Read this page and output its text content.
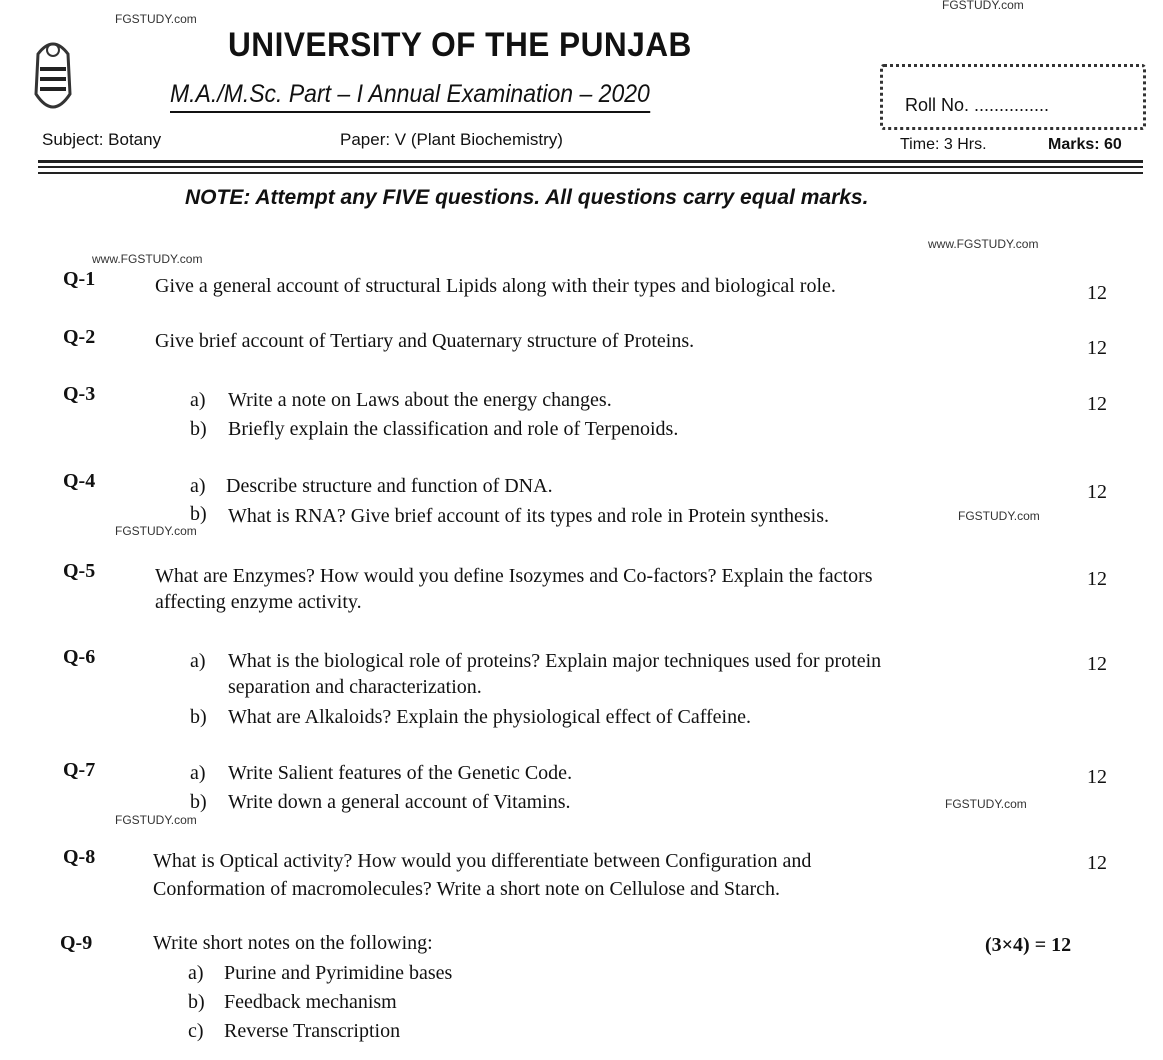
FGSTUDY.com
FGSTUDY.com
www.FGSTUDY.com
www.FGSTUDY.com
FGSTUDY.com
FGSTUDY.com
FGSTUDY.com
FGSTUDY.com
UNIVERSITY OF THE PUNJAB
M.A./M.Sc. Part – I Annual Examination – 2020	Roll No. ...............
Subject: Botany	Paper: V (Plant Biochemistry)	Time: 3 Hrs.	Marks: 60
NOTE: Attempt any FIVE questions. All questions carry equal marks.
Q-1	Give a general account of structural Lipids along with their types and biological role.	12
Q-2	Give brief account of Tertiary and Quaternary structure of Proteins.	12
Q-3	a) Write a note on Laws about the energy changes.
b) Briefly explain the classification and role of Terpenoids.
12
Q-4	a) Describe structure and function of DNA.
b) What is RNA? Give brief account of its types and role in Protein synthesis.
12
Q-5	What are Enzymes? How would you define Isozymes and Co-factors? Explain the factors
affecting enzyme activity.
12
Q-6	a) What is the biological role of proteins? Explain major techniques used for protein
separation and characterization.
b) What are Alkaloids? Explain the physiological effect of Caffeine.
12
Q-7	a) Write Salient features of the Genetic Code.
b) Write down a general account of Vitamins.
12
Q-8	What is Optical activity? How would you differentiate between Configuration and
Conformation of macromolecules? Write a short note on Cellulose and Starch.
12
Q-9	Write short notes on the following:
a) Purine and Pyrimidine bases
b) Feedback mechanism
c) Reverse Transcription
(3×4) = 12
